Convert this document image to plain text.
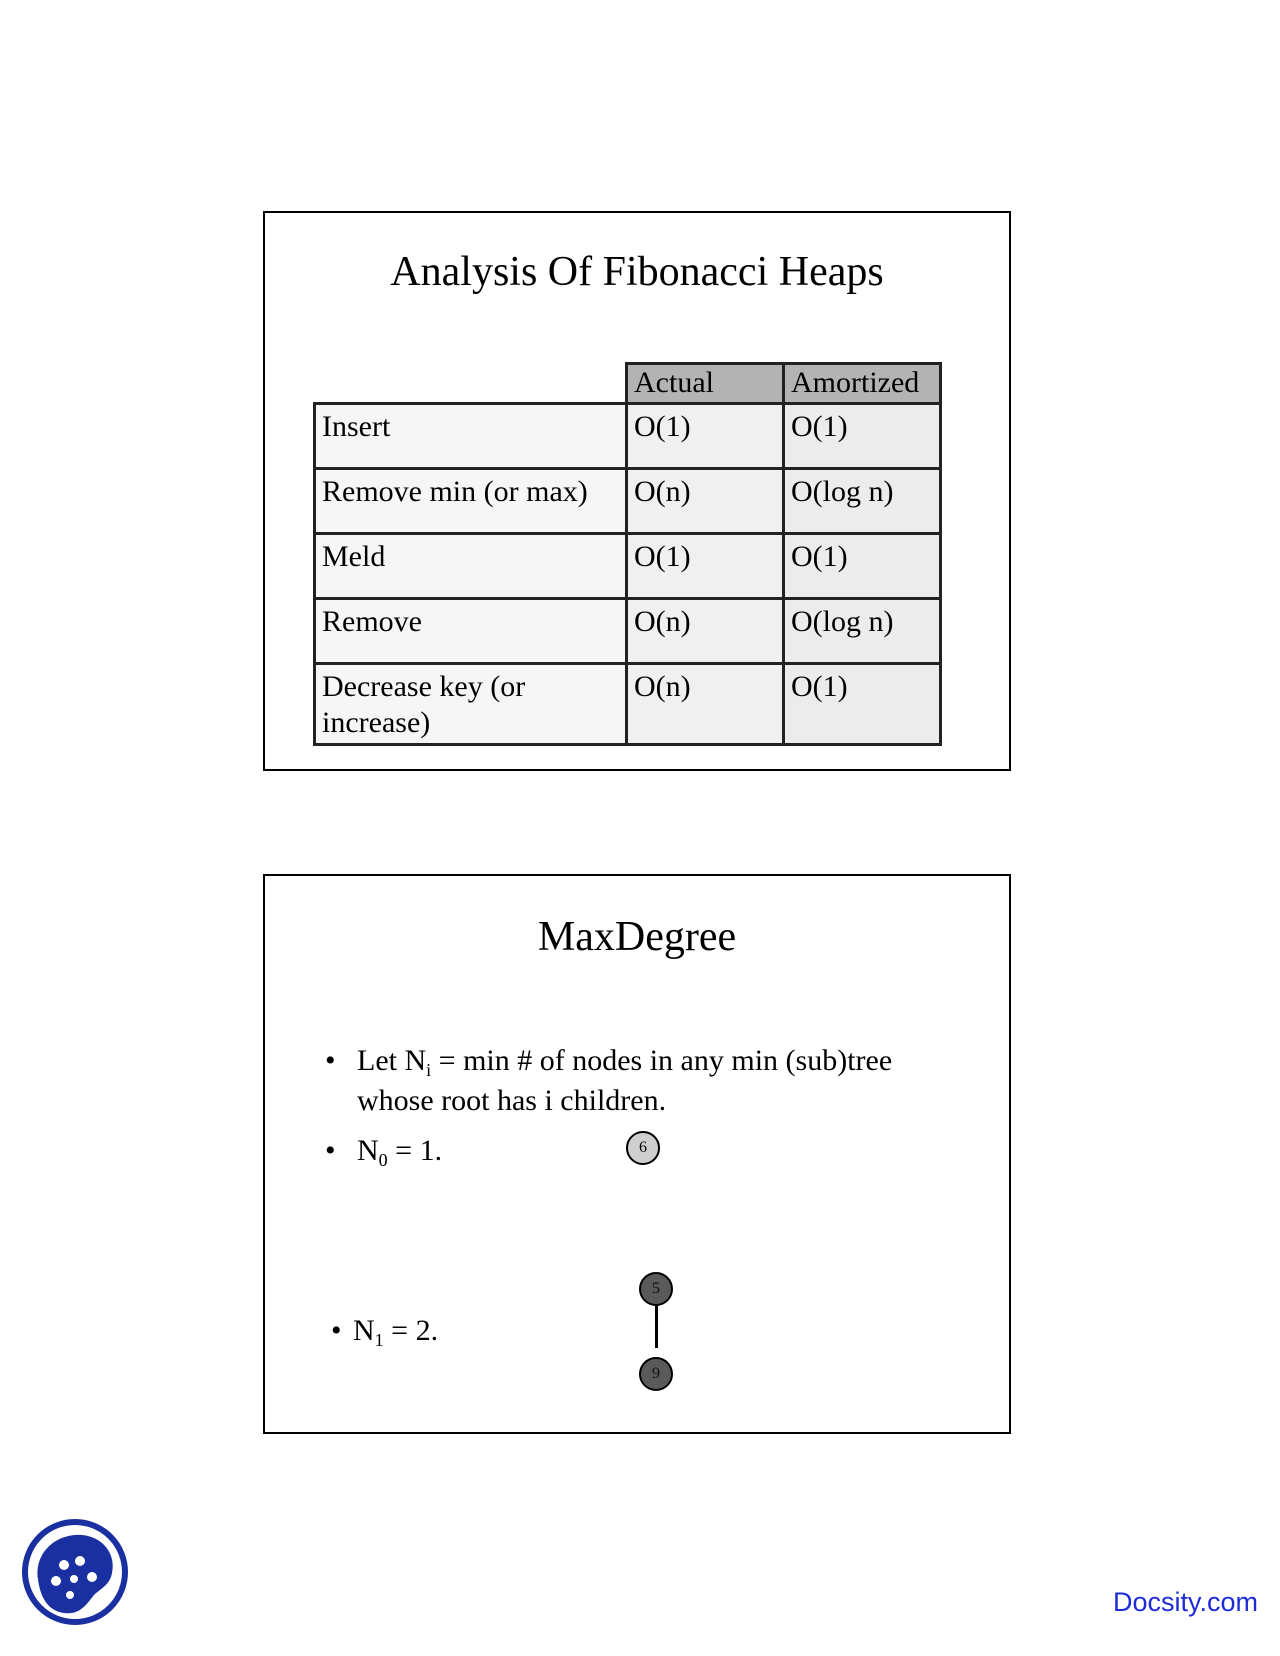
Analysis Of Fibonacci Heaps
	Actual	Amortized
Insert	O(1)	O(1)
Remove min (or max)	O(n)	O(log n)
Meld	O(1)	O(1)
Remove	O(n)	O(log n)
Decrease key (or increase)	O(n)	O(1)
MaxDegree
• Let $N_i = \min$ # of nodes in any min (sub)tree whose root has i children.
• $N_0 = 1$.
• $N_1 = 2$.
6
5
9
Docsity.com
